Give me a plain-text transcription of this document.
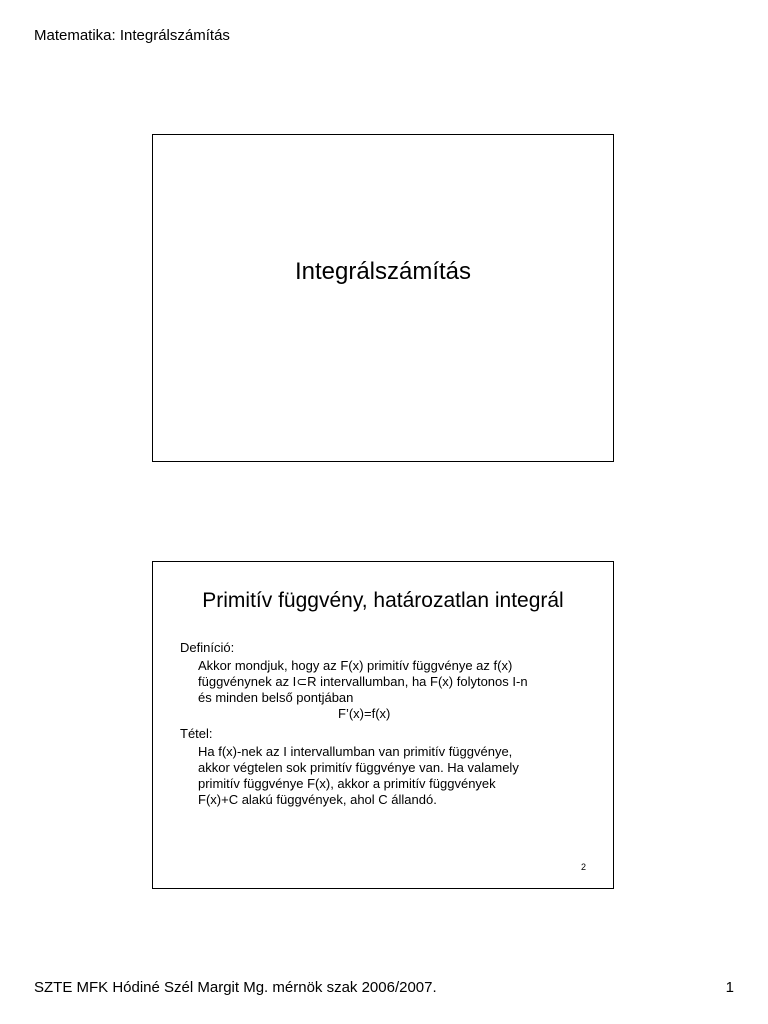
Matematika: Integrálszámítás
Integrálszámítás
Primitív függvény, határozatlan integrál

Definíció:

Akkor mondjuk, hogy az F(x) primitív függvénye az f(x)

függvénynek az I⊂R intervallumban, ha F(x) folytonos I-n

és minden belső pontjában

F’(x)=f(x)

Tétel:

Ha f(x)-nek az I intervallumban van primitív függvénye,

akkor végtelen sok primitív függvénye van. Ha valamely

primitív függvénye F(x), akkor a primitív függvények

F(x)+C alakú függvények, ahol C állandó.

2
SZTE MFK Hódiné Szél Margit Mg. mérnök szak 2006/2007.	1
